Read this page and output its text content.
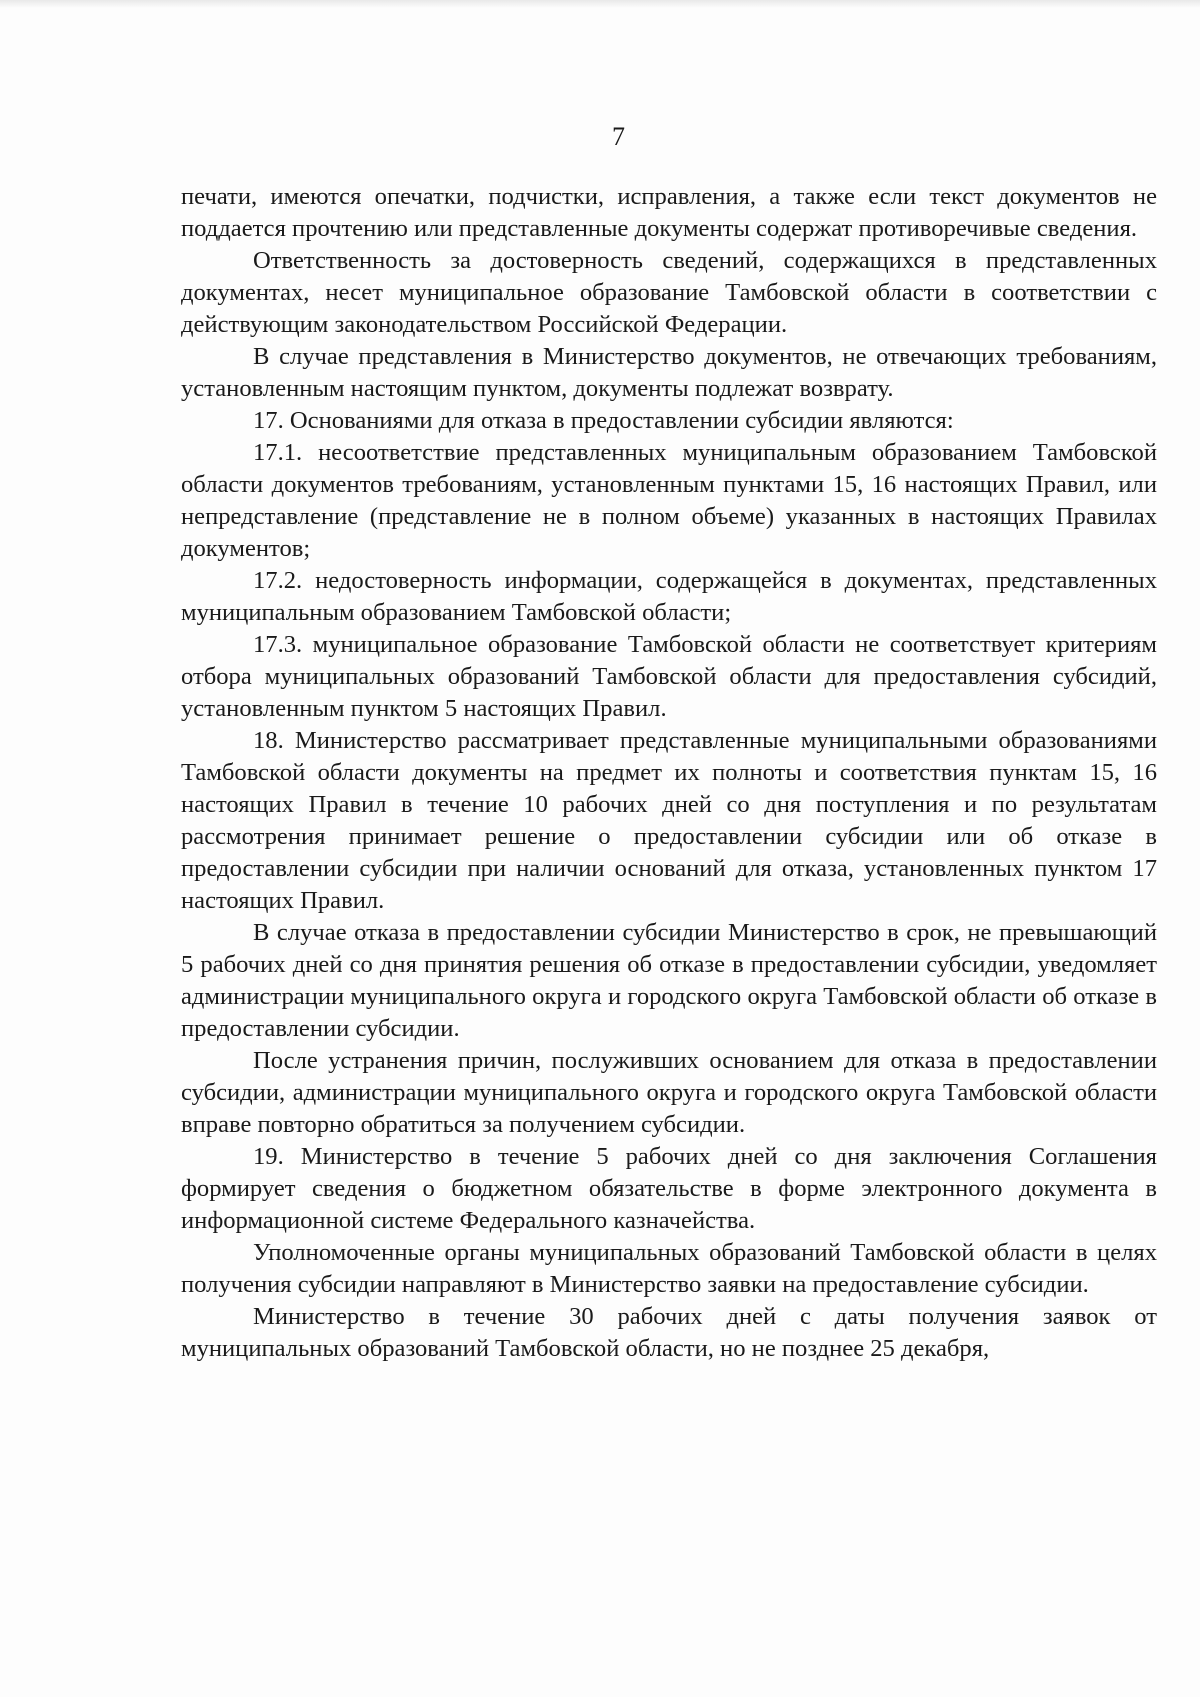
7

печати, имеются опечатки, подчистки, исправления, а также если текст документов не поддается прочтению или представленные документы содержат противоречивые сведения.

Ответственность за достоверность сведений, содержащихся в представленных документах, несет муниципальное образование Тамбовской области в соответствии с действующим законодательством Российской Федерации.

В случае представления в Министерство документов, не отвечающих требованиям, установленным настоящим пунктом, документы подлежат возврату.

17. Основаниями для отказа в предоставлении субсидии являются:

17.1. несоответствие представленных муниципальным образованием Тамбовской области документов требованиям, установленным пунктами 15, 16 настоящих Правил, или непредставление (представление не в полном объеме) указанных в настоящих Правилах документов;

17.2. недостоверность информации, содержащейся в документах, представленных муниципальным образованием Тамбовской области;

17.3. муниципальное образование Тамбовской области не соответствует критериям отбора муниципальных образований Тамбовской области для предоставления субсидий, установленным пунктом 5 настоящих Правил.

18. Министерство рассматривает представленные муниципальными образованиями Тамбовской области документы на предмет их полноты и соответствия пунктам 15, 16 настоящих Правил в течение 10 рабочих дней со дня поступления и по результатам рассмотрения принимает решение о предоставлении субсидии или об отказе в предоставлении субсидии при наличии оснований для отказа, установленных пунктом 17 настоящих Правил.

В случае отказа в предоставлении субсидии Министерство в срок, не превышающий 5 рабочих дней со дня принятия решения об отказе в предоставлении субсидии, уведомляет администрации муниципального округа и городского округа Тамбовской области об отказе в предоставлении субсидии.

После устранения причин, послуживших основанием для отказа в предоставлении субсидии, администрации муниципального округа и городского округа Тамбовской области вправе повторно обратиться за получением субсидии.

19. Министерство в течение 5 рабочих дней со дня заключения Соглашения формирует сведения о бюджетном обязательстве в форме электронного документа в информационной системе Федерального казначейства.

Уполномоченные органы муниципальных образований Тамбовской области в целях получения субсидии направляют в Министерство заявки на предоставление субсидии.

Министерство в течение 30 рабочих дней с даты получения заявок от муниципальных образований Тамбовской области, но не позднее 25 декабря,
